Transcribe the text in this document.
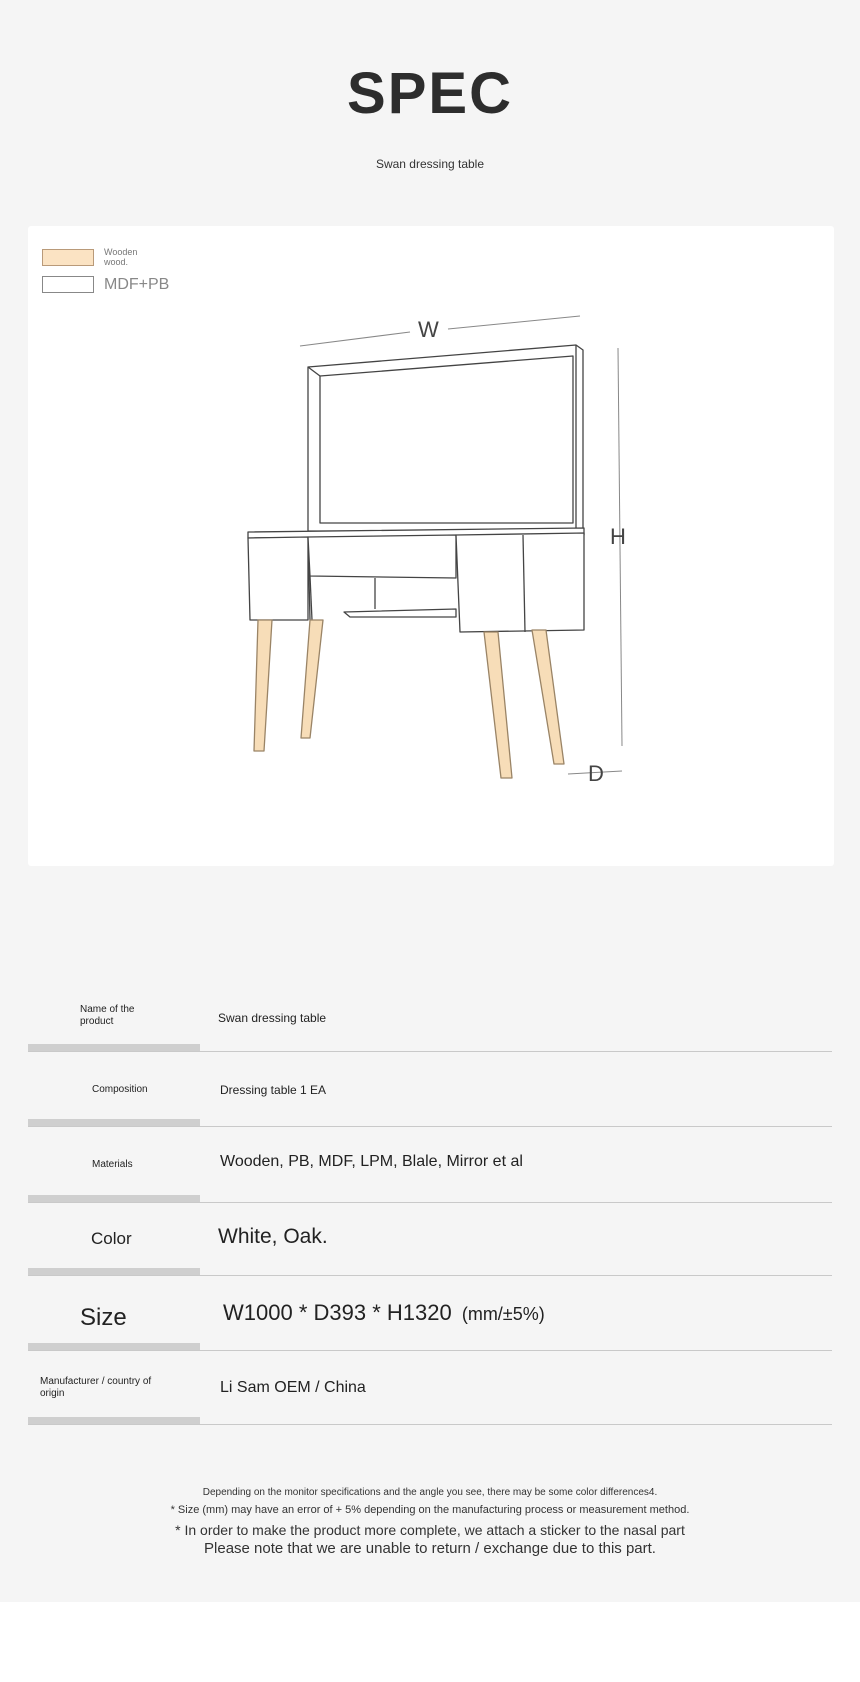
SPEC
Swan dressing table
Wooden wood.
MDF+PB
W
H
D
Name of the product	Swan dressing table
Composition	Dressing table 1 EA
Materials	Wooden, PB, MDF, LPM, Blale, Mirror et al
Color	White, Oak.
Size	W1000 * D393 * H1320 (mm/±5%)
Manufacturer / country of origin	Li Sam OEM / China
Depending on the monitor specifications and the angle you see, there may be some color differences4.
* Size (mm) may have an error of + 5% depending on the manufacturing process or measurement method.
* In order to make the product more complete, we attach a sticker to the nasal part
Please note that we are unable to return / exchange due to this part.
